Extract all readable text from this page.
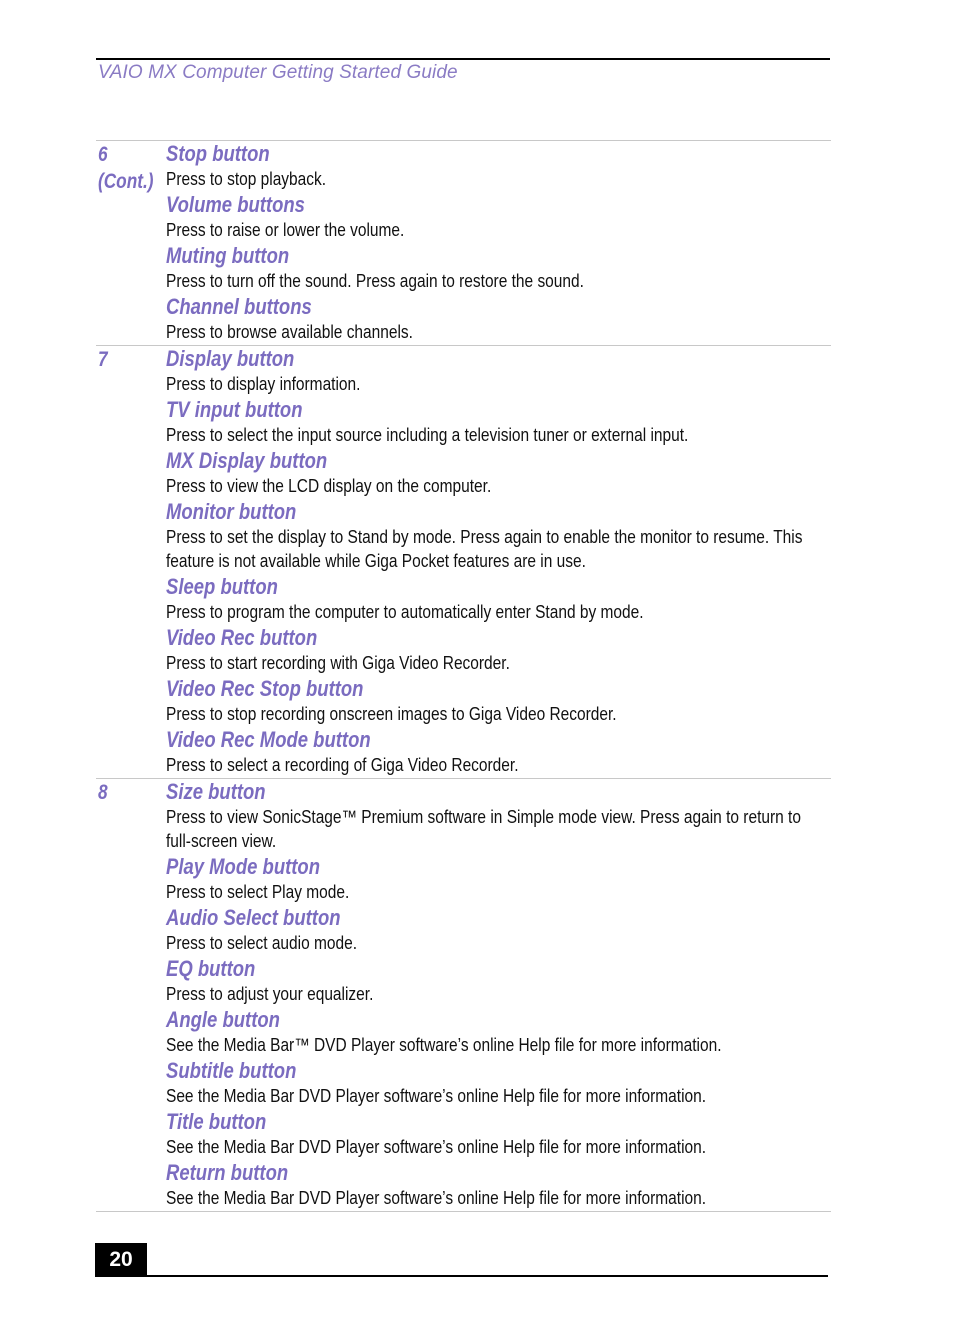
VAIO MX Computer Getting Started Guide
6
(Cont.)
Stop button
Press to stop playback.
Volume buttons
Press to raise or lower the volume.
Muting button
Press to turn off the sound. Press again to restore the sound.
Channel buttons
Press to browse available channels.
7	Display button
Press to display information.
TV input button
Press to select the input source including a television tuner or external input.
MX Display button
Press to view the LCD display on the computer.
Monitor button
Press to set the display to Stand by mode. Press again to enable the monitor to resume. This feature is not available while Giga Pocket features are in use.
Sleep button
Press to program the computer to automatically enter Stand by mode.
Video Rec button
Press to start recording with Giga Video Recorder.
Video Rec Stop button
Press to stop recording onscreen images to Giga Video Recorder.
Video Rec Mode button
Press to select a recording of Giga Video Recorder.
8	Size button
Press to view SonicStage™ Premium software in Simple mode view. Press again to return to full-screen view.
Play Mode button
Press to select Play mode.
Audio Select button
Press to select audio mode.
EQ button
Press to adjust your equalizer.
Angle button
See the Media Bar™ DVD Player software’s online Help file for more information.
Subtitle button
See the Media Bar DVD Player software’s online Help file for more information.
Title button
See the Media Bar DVD Player software’s online Help file for more information.
Return button
See the Media Bar DVD Player software’s online Help file for more information.
20
